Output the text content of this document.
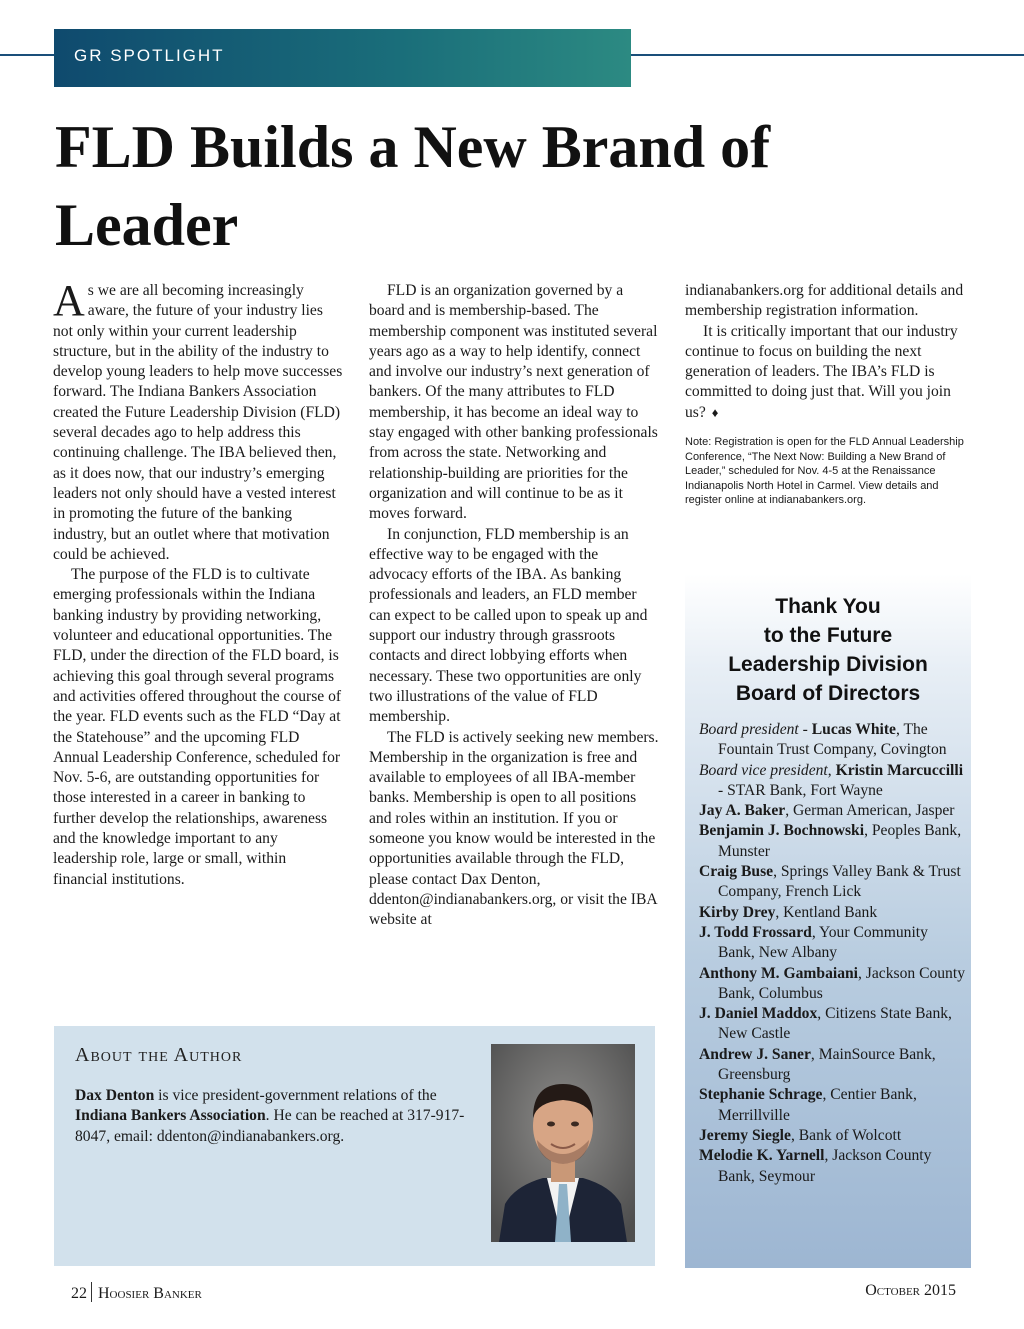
GR SPOTLIGHT
FLD Builds a New Brand of Leader

As we are all becoming increasingly aware, the future of your industry lies not only within your current leadership structure, but in the ability of the industry to develop young leaders to help move successes forward. The Indiana Bankers Association created the Future Leadership Division (FLD) several decades ago to help address this continuing challenge. The IBA believed then, as it does now, that our industry’s emerging leaders not only should have a vested interest in promoting the future of the banking industry, but an outlet where that motivation could be achieved.

The purpose of the FLD is to cultivate emerging professionals within the Indiana banking industry by providing networking, volunteer and educational opportunities. The FLD, under the direction of the FLD board, is achieving this goal through several programs and activities offered throughout the course of the year. FLD events such as the FLD “Day at the Statehouse” and the upcoming FLD Annual Leadership Conference, scheduled for Nov. 5-6, are outstanding opportunities for those interested in a career in banking to further develop the relationships, awareness and the knowledge important to any leadership role, large or small, within financial institutions.

FLD is an organization governed by a board and is membership-based. The membership component was instituted several years ago as a way to help identify, connect and involve our industry’s next generation of bankers. Of the many attributes to FLD membership, it has become an ideal way to stay engaged with other banking professionals from across the state. Networking and relationship-building are priorities for the organization and will continue to be as it moves forward.

In conjunction, FLD membership is an effective way to be engaged with the advocacy efforts of the IBA. As banking professionals and leaders, an FLD member can expect to be called upon to speak up and support our industry through grassroots contacts and direct lobbying efforts when necessary. These two opportunities are only two illustrations of the value of FLD membership.

The FLD is actively seeking new members. Membership in the organization is free and available to employees of all IBA-member banks. Membership is open to all positions and roles within an institution. If you or someone you know would be interested in the opportunities available through the FLD, please contact Dax Denton, ddenton@indianabankers.org, or visit the IBA website at

indianabankers.org for additional details and membership registration information.

It is critically important that our industry continue to focus on building the next generation of leaders. The IBA’s FLD is committed to doing just that. Will you join us? ♦

Note: Registration is open for the FLD Annual Leadership Conference, “The Next Now: Building a New Brand of Leader,” scheduled for Nov. 4-5 at the Renaissance Indianapolis North Hotel in Carmel. View details and register online at indianabankers.org.
About the Author
Dax Denton is vice president-government relations of the Indiana Bankers Association. He can be reached at 317-917-8047, email: ddenton@indianabankers.org.
Thank You
to the Future
Leadership Division
Board of Directors
Board president - Lucas White, The Fountain Trust Company, Covington
Board vice president, Kristin Marcuccilli - STAR Bank, Fort Wayne
Jay A. Baker, German American, Jasper
Benjamin J. Bochnowski, Peoples Bank, Munster
Craig Buse, Springs Valley Bank & Trust Company, French Lick
Kirby Drey, Kentland Bank
J. Todd Frossard, Your Community Bank, New Albany
Anthony M. Gambaiani, Jackson County Bank, Columbus
J. Daniel Maddox, Citizens State Bank, New Castle
Andrew J. Saner, MainSource Bank, Greensburg
Stephanie Schrage, Centier Bank, Merrillville
Jeremy Siegle, Bank of Wolcott
Melodie K. Yarnell, Jackson County Bank, Seymour
22 Hoosier Banker	October 2015
